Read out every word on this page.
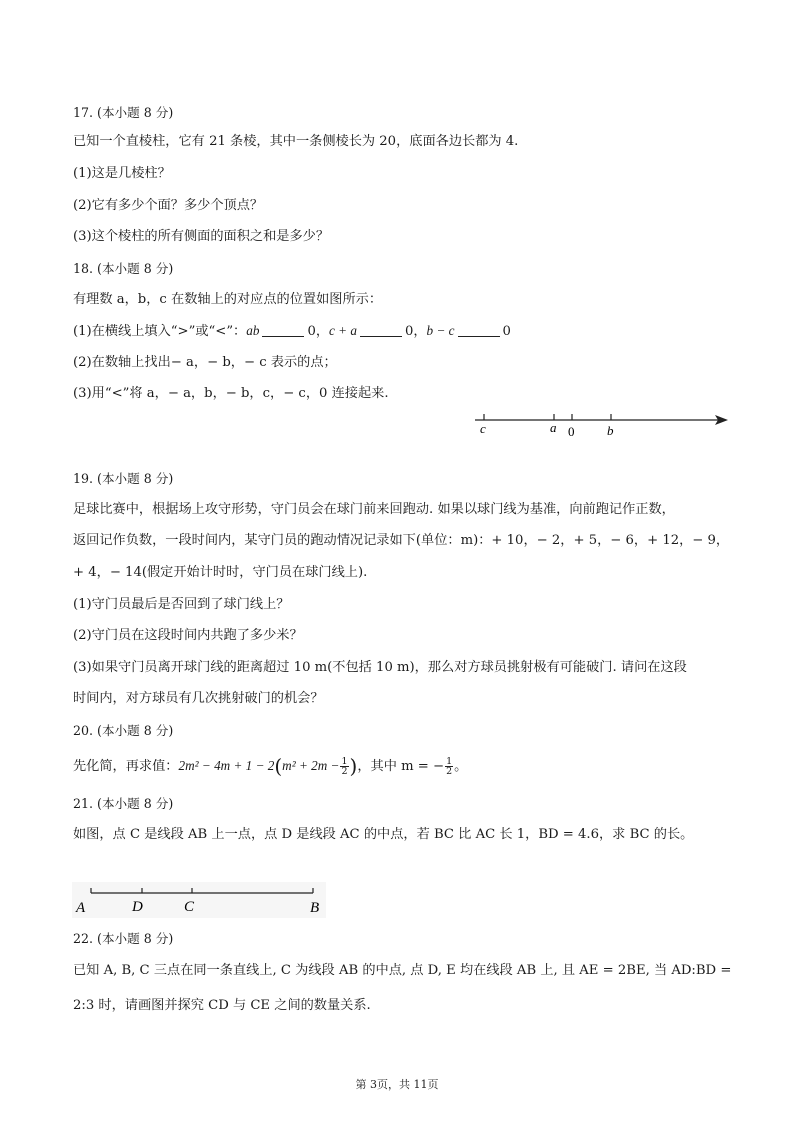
17. (本小题 8 分)
已知一个直棱柱，它有 21 条棱，其中一条侧棱长为 20，底面各边长都为 4.
(1)这是几棱柱？
(2)它有多少个面？多少个顶点？
(3)这个棱柱的所有侧面的面积之和是多少？
18. (本小题 8 分)
有理数 a，b，c 在数轴上的对应点的位置如图所示：
(1)在横线上填入“>”或“<”：ab	0，c + a	0，b − c	0
(2)在数轴上找出− a，− b，− c 表示的点；
(3)用“<”将 a，− a，b，− b，c，− c，0 连接起来.
c	a 0	b
19. (本小题 8 分)
足球比赛中，根据场上攻守形势，守门员会在球门前来回跑动. 如果以球门线为基准，向前跑记作正数，
返回记作负数，一段时间内，某守门员的跑动情况记录如下(单位：m)：+ 10，− 2，+ 5，− 6，+ 12，− 9，
+ 4，− 14(假定开始计时时，守门员在球门线上).
(1)守门员最后是否回到了球门线上？
(2)守门员在这段时间内共跑了多少米？
(3)如果守门员离开球门线的距离超过 10 m(不包括 10 m)，那么对方球员挑射极有可能破门. 请问在这段
时间内，对方球员有几次挑射破门的机会？
20. (本小题 8 分)
先化简，再求值：$2m^2 - 4m + 1 - 2(m^2 + 2m - \frac{1}{2}$ )，其中 m = − $\frac{1}{2}$ 。
21. (本小题 8 分)
如图，点 C 是线段 AB 上一点，点 D 是线段 AC 的中点，若 BC 比 AC 长 1，BD = 4.6，求 BC 的长。
A	D	C	B
22. (本小题 8 分)
已知 A, B, C 三点在同一条直线上, C 为线段 AB 的中点, 点 D, E 均在线段 AB 上, 且 AE = 2BE, 当 AD:BD =
2:3 时，请画图并探究 CD 与 CE 之间的数量关系.
第 3页，共 11页
